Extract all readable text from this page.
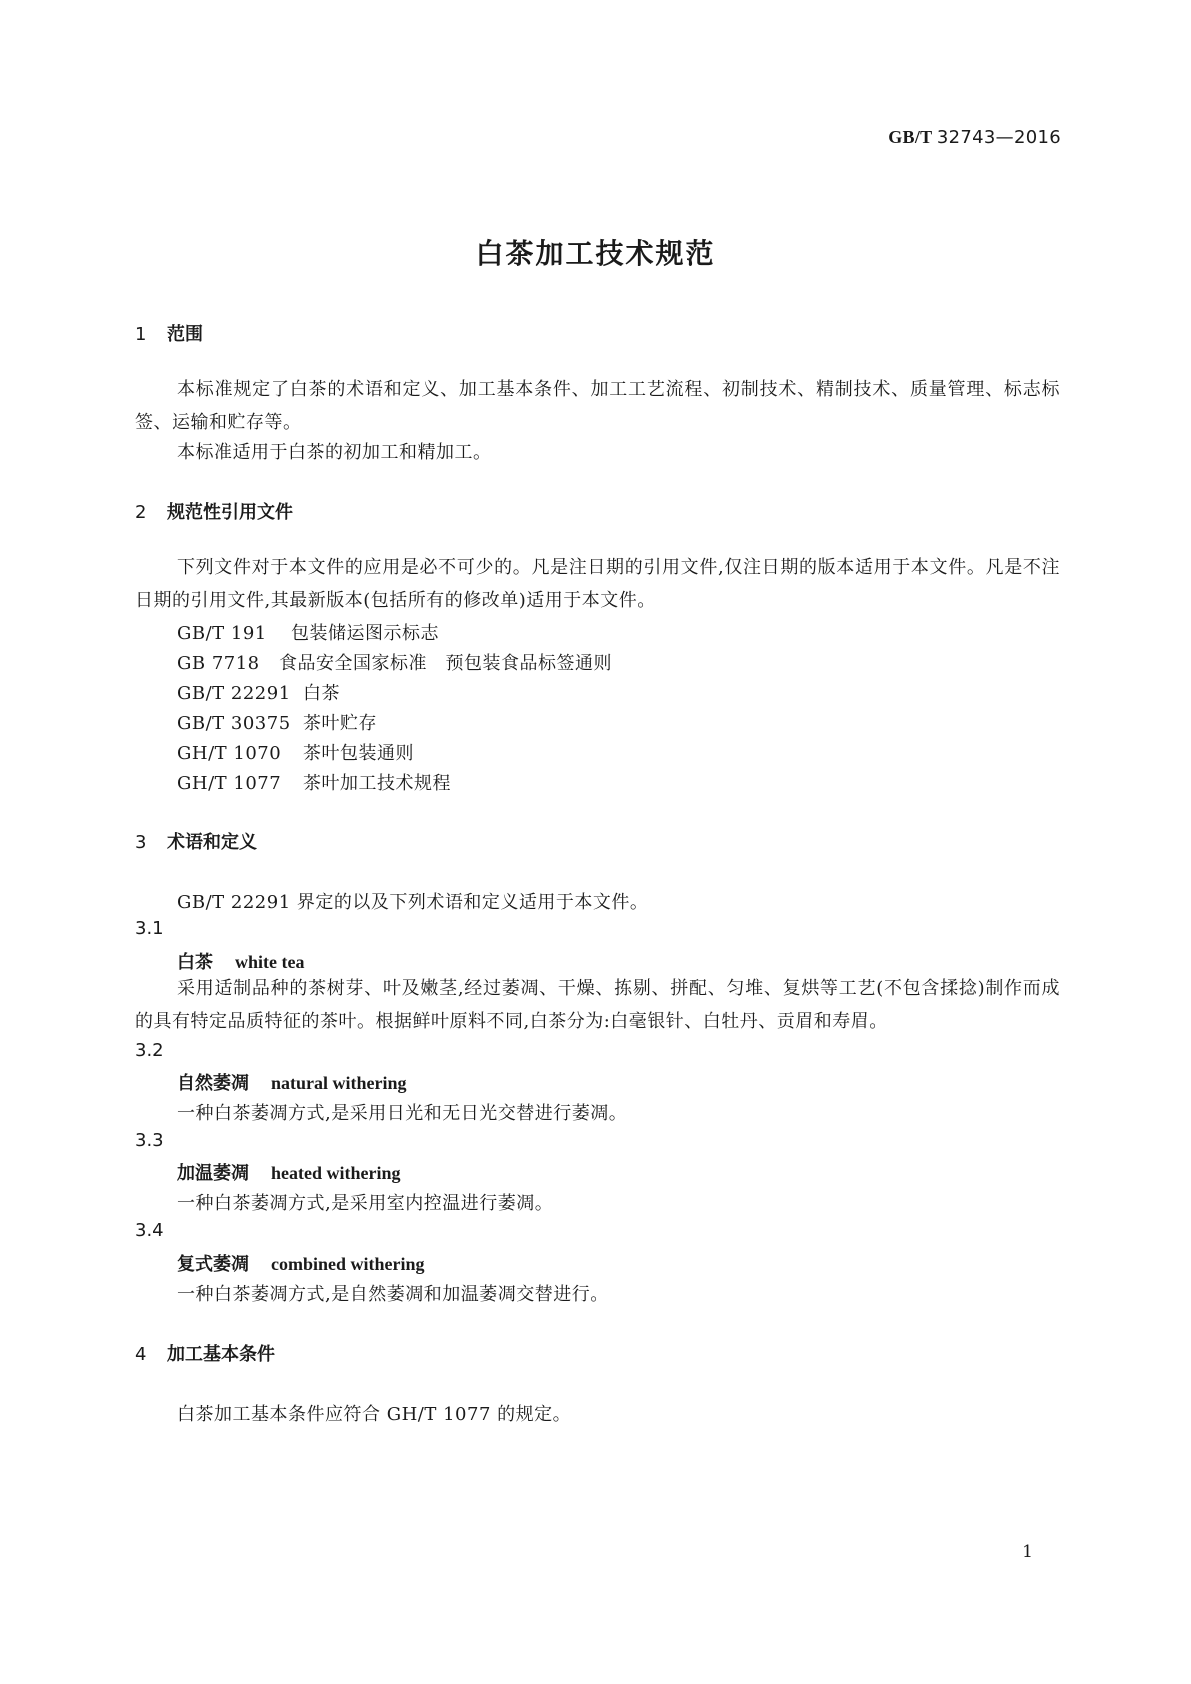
GB/T 32743—2016
白茶加工技术规范
1 范围
本标准规定了白茶的术语和定义、加工基本条件、加工工艺流程、初制技术、精制技术、质量管理、标志标签、运输和贮存等。
本标准适用于白茶的初加工和精加工。
2 规范性引用文件
下列文件对于本文件的应用是必不可少的。凡是注日期的引用文件,仅注日期的版本适用于本文件。凡是不注日期的引用文件,其最新版本(包括所有的修改单)适用于本文件。
GB/T 191 包装储运图示标志
GB 7718 食品安全国家标准　预包装食品标签通则
GB/T 22291 白茶
GB/T 30375 茶叶贮存
GH/T 1070 茶叶包装通则
GH/T 1077 茶叶加工技术规程
3 术语和定义
GB/T 22291 界定的以及下列术语和定义适用于本文件。
3.1
白茶 white tea
采用适制品种的茶树芽、叶及嫩茎,经过萎凋、干燥、拣剔、拼配、匀堆、复烘等工艺(不包含揉捻)制作而成的具有特定品质特征的茶叶。根据鲜叶原料不同,白茶分为:白毫银针、白牡丹、贡眉和寿眉。
3.2
自然萎凋 natural withering
一种白茶萎凋方式,是采用日光和无日光交替进行萎凋。
3.3
加温萎凋 heated withering
一种白茶萎凋方式,是采用室内控温进行萎凋。
3.4
复式萎凋 combined withering
一种白茶萎凋方式,是自然萎凋和加温萎凋交替进行。
4 加工基本条件
白茶加工基本条件应符合 GH/T 1077 的规定。
1
